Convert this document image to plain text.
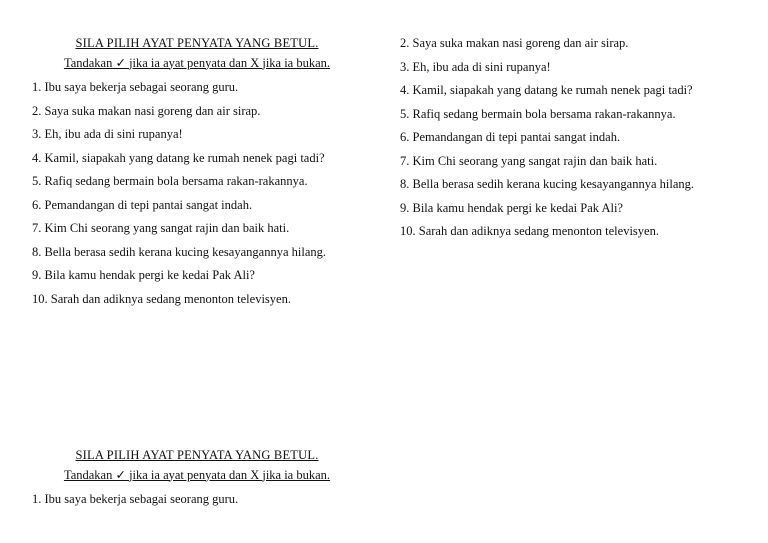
SILA PILIH AYAT PENYATA YANG BETUL.
Tandakan ✓ jika ia ayat penyata dan X jika ia bukan.
1. Ibu saya bekerja sebagai seorang guru.
2. Saya suka makan nasi goreng dan air sirap.
3. Eh, ibu ada di sini rupanya!
4. Kamil, siapakah yang datang ke rumah nenek pagi tadi?
5. Rafiq sedang bermain bola bersama rakan-rakannya.
6. Pemandangan di tepi pantai sangat indah.
7. Kim Chi seorang yang sangat rajin dan baik hati.
8. Bella berasa sedih kerana kucing kesayangannya hilang.
9. Bila kamu hendak pergi ke kedai Pak Ali?
10. Sarah dan adiknya sedang menonton televisyen.
2. Saya suka makan nasi goreng dan air sirap.
3. Eh, ibu ada di sini rupanya!
4. Kamil, siapakah yang datang ke rumah nenek pagi tadi?
5. Rafiq sedang bermain bola bersama rakan-rakannya.
6. Pemandangan di tepi pantai sangat indah.
7. Kim Chi seorang yang sangat rajin dan baik hati.
8. Bella berasa sedih kerana kucing kesayangannya hilang.
9. Bila kamu hendak pergi ke kedai Pak Ali?
10. Sarah dan adiknya sedang menonton televisyen.
SILA PILIH AYAT PENYATA YANG BETUL.
Tandakan ✓ jika ia ayat penyata dan X jika ia bukan.
1. Ibu saya bekerja sebagai seorang guru.
